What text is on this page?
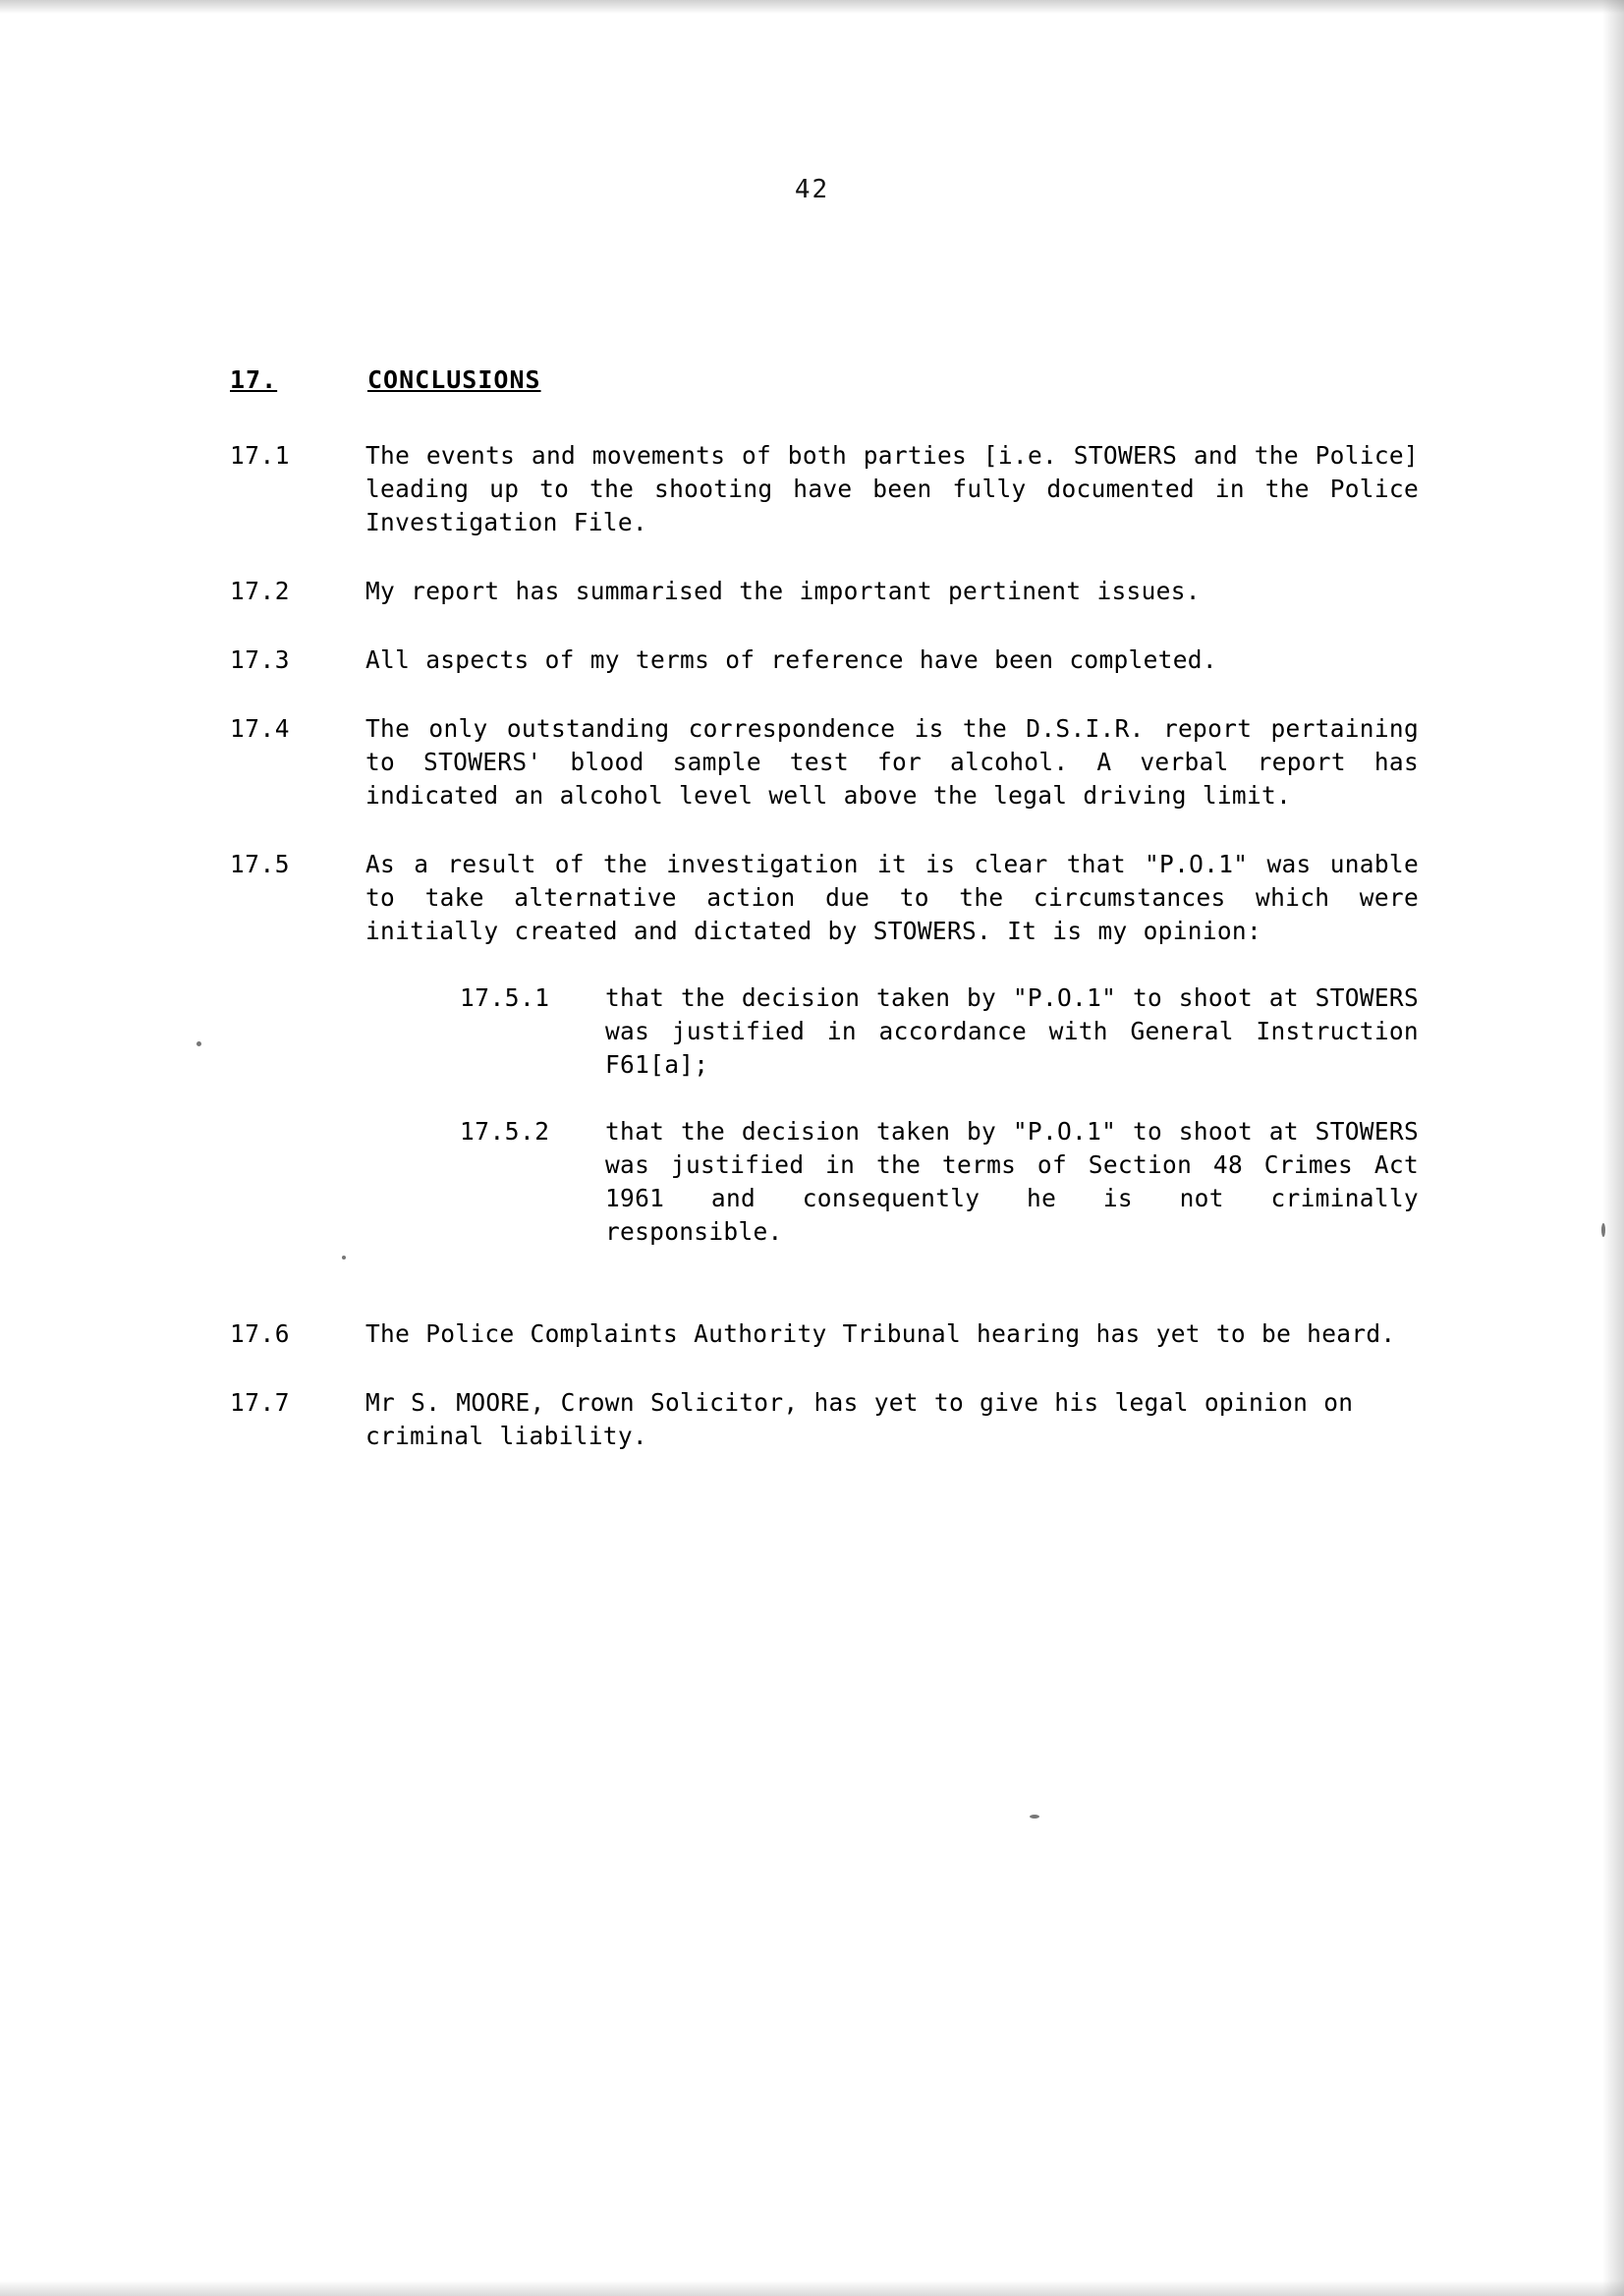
42
17.	CONCLUSIONS
17.1	The events and movements of both parties [i.e. STOWERS and the Police] leading up to the shooting have been fully documented in the Police Investigation File.
17.2	My report has summarised the important pertinent issues.
17.3	All aspects of my terms of reference have been completed.
17.4	The only outstanding correspondence is the D.S.I.R. report pertaining to STOWERS' blood sample test for alcohol. A verbal report has indicated an alcohol level well above the legal driving limit.
17.5	As a result of the investigation it is clear that "P.O.1" was unable to take alternative action due to the circumstances which were initially created and dictated by STOWERS. It is my opinion:
17.5.1	that the decision taken by "P.O.1" to shoot at STOWERS was justified in accordance with General Instruction F61[a];
17.5.2	that the decision taken by "P.O.1" to shoot at STOWERS was justified in the terms of Section 48 Crimes Act 1961 and consequently he is not criminally responsible.
17.6	The Police Complaints Authority Tribunal hearing has yet to be heard.
17.7	Mr S. MOORE, Crown Solicitor, has yet to give his legal opinion on criminal liability.
